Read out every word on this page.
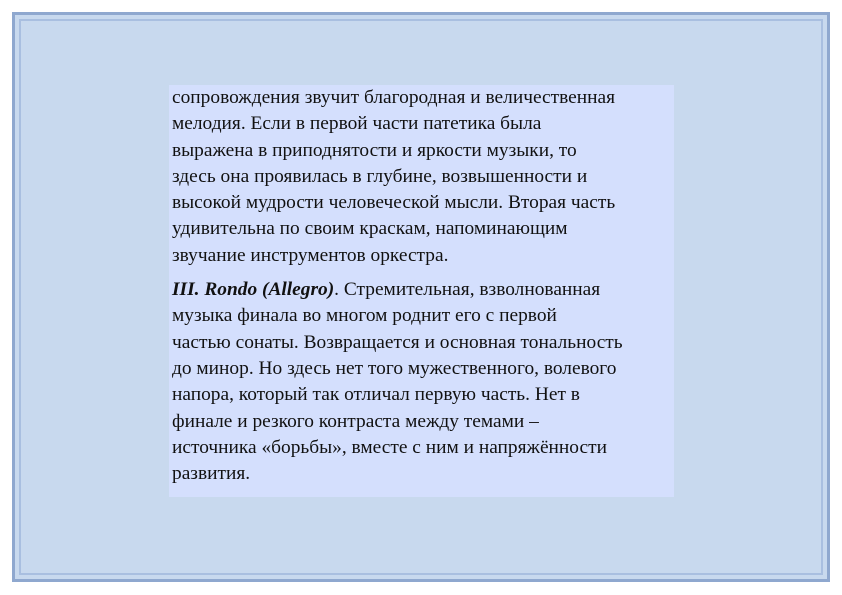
сопровождения звучит благородная и величественная
мелодия. Если в первой части патетика была
выражена в приподнятости и яркости музыки, то
здесь она проявилась в глубине, возвышенности и
высокой мудрости человеческой мысли. Вторая часть
удивительна по своим краскам, напоминающим
звучание инструментов оркестра.

III. Rondo (Allegro). Стремительная, взволнованная
музыка финала во многом роднит его с первой
частью сонаты. Возвращается и основная тональность
до минор. Но здесь нет того мужественного, волевого
напора, который так отличал первую часть. Нет в
финале и резкого контраста между темами –
источника «борьбы», вместе с ним и напряжённости
развития.
